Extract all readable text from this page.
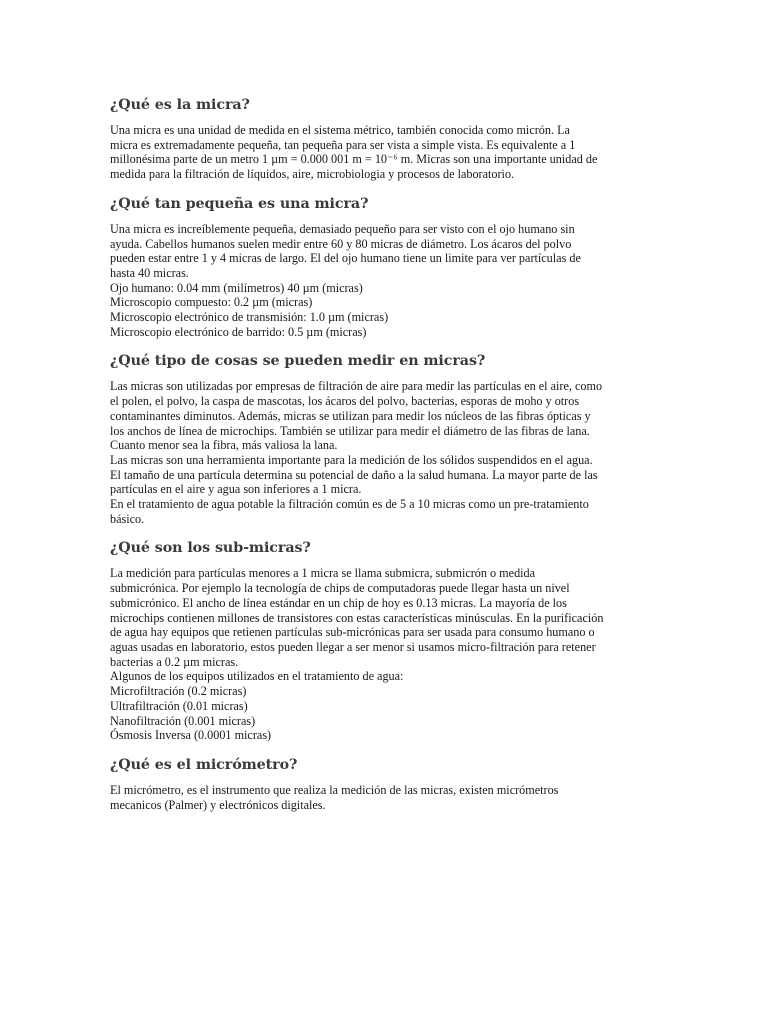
¿Qué es la micra?

Una micra es una unidad de medida en el sistema métrico, también conocida como micrón. La
micra es extremadamente pequeña, tan pequeña para ser vista a simple vista. Es equivalente a 1
millonésima parte de un metro 1 µm = 0.000 001 m = 10⁻⁶ m. Micras son una importante unidad de
medida para la filtración de líquidos, aire, microbiologia y procesos de laboratorio.

¿Qué tan pequeña es una micra?

Una micra es increíblemente pequeña, demasiado pequeño para ser visto con el ojo humano sin
ayuda. Cabellos humanos suelen medir entre 60 y 80 micras de diámetro. Los ácaros del polvo
pueden estar entre 1 y 4 micras de largo. El del ojo humano tiene un limite para ver partículas de
hasta 40 micras.
Ojo humano: 0.04 mm (milímetros) 40 µm (micras)
Microscopio compuesto: 0.2 µm (micras)
Microscopio electrónico de transmisión: 1.0 µm (micras)
Microscopio electrónico de barrido: 0.5 µm (micras)

¿Qué tipo de cosas se pueden medir en micras?

Las micras son utilizadas por empresas de filtración de aire para medir las partículas en el aire, como
el polen, el polvo, la caspa de mascotas, los ácaros del polvo, bacterias, esporas de moho y otros
contaminantes diminutos. Además, micras se utilizan para medir los núcleos de las fibras ópticas y
los anchos de línea de microchips. También se utilizar para medir el diámetro de las fibras de lana.
Cuanto menor sea la fibra, más valiosa la lana.
Las micras son una herramienta importante para la medición de los sólidos suspendidos en el agua.
El tamaño de una partícula determina su potencial de daño a la salud humana. La mayor parte de las
partículas en el aire y agua son inferiores a 1 micra.
En el tratamiento de agua potable la filtración común es de 5 a 10 micras como un pre-tratamiento
básico.

¿Qué son los sub-micras?

La medición para partículas menores a 1 micra se llama submicra, submicrón o medida
submicrónica. Por ejemplo la tecnología de chips de computadoras puede llegar hasta un nivel
submicrónico. El ancho de línea estándar en un chip de hoy es 0.13 micras. La mayoría de los
microchips contienen millones de transistores con estas características minúsculas. En la purificación
de agua hay equipos que retienen partículas sub-micrónicas para ser usada para consumo humano o
aguas usadas en laboratorio, estos pueden llegar a ser menor si usamos micro-filtración para retener
bacterias a 0.2 µm micras.
Algunos de los equipos utilizados en el tratamiento de agua:
Microfiltración (0.2 micras)
Ultrafiltración (0.01 micras)
Nanofiltración (0.001 micras)
Ósmosis Inversa (0.0001 micras)

¿Qué es el micrómetro?

El micrómetro, es el instrumento que realiza la medición de las micras, existen micrómetros
mecanicos (Palmer) y electrónicos digitales.
